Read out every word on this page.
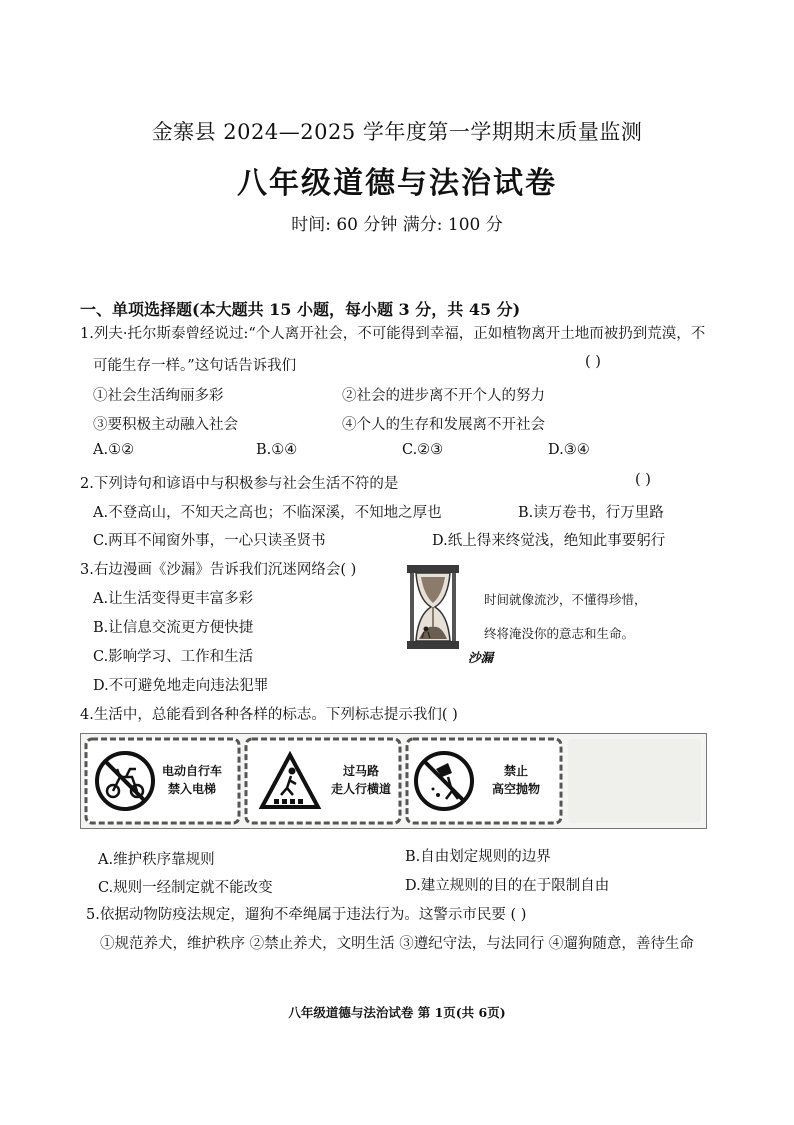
金寨县 2024—2025 学年度第一学期期末质量监测
八年级道德与法治试卷
时间: 60 分钟 满分: 100 分
一、单项选择题(本大题共 15 小题，每小题 3 分，共 45 分)
1.列夫·托尔斯泰曾经说过:“个人离开社会，不可能得到幸福，正如植物离开土地而被扔到荒漠，不
可能生存一样。”这句话告诉我们	( )
①社会生活绚丽多彩	②社会的进步离不开个人的努力
③要积极主动融入社会	④个人的生存和发展离不开社会
A.①②	B.①④	C.②③	D.③④
2.下列诗句和谚语中与积极参与社会生活不符的是	( )
A.不登高山，不知天之高也；不临深溪，不知地之厚也	B.读万卷书，行万里路
C.两耳不闻窗外事，一心只读圣贤书	D.纸上得来终觉浅，绝知此事要躬行
3.右边漫画《沙漏》告诉我们沉迷网络会( )
A.让生活变得更丰富多彩
B.让信息交流更方便快捷
C.影响学习、工作和生活
D.不可避免地走向违法犯罪
时间就像流沙，不懂得珍惜，
终将淹没你的意志和生命。
沙漏
4.生活中，总能看到各种各样的标志。下列标志提示我们( )
电动自行车
禁入电梯
过马路
走人行横道
禁止
高空抛物
A.维护秩序靠规则	B.自由划定规则的边界
C.规则一经制定就不能改变	D.建立规则的目的在于限制自由
5.依据动物防疫法规定，遛狗不牵绳属于违法行为。这警示市民要 ( )
①规范养犬，维护秩序 ②禁止养犬，文明生活 ③遵纪守法，与法同行 ④遛狗随意，善待生命
八年级道德与法治试卷 第 1页(共 6页)
